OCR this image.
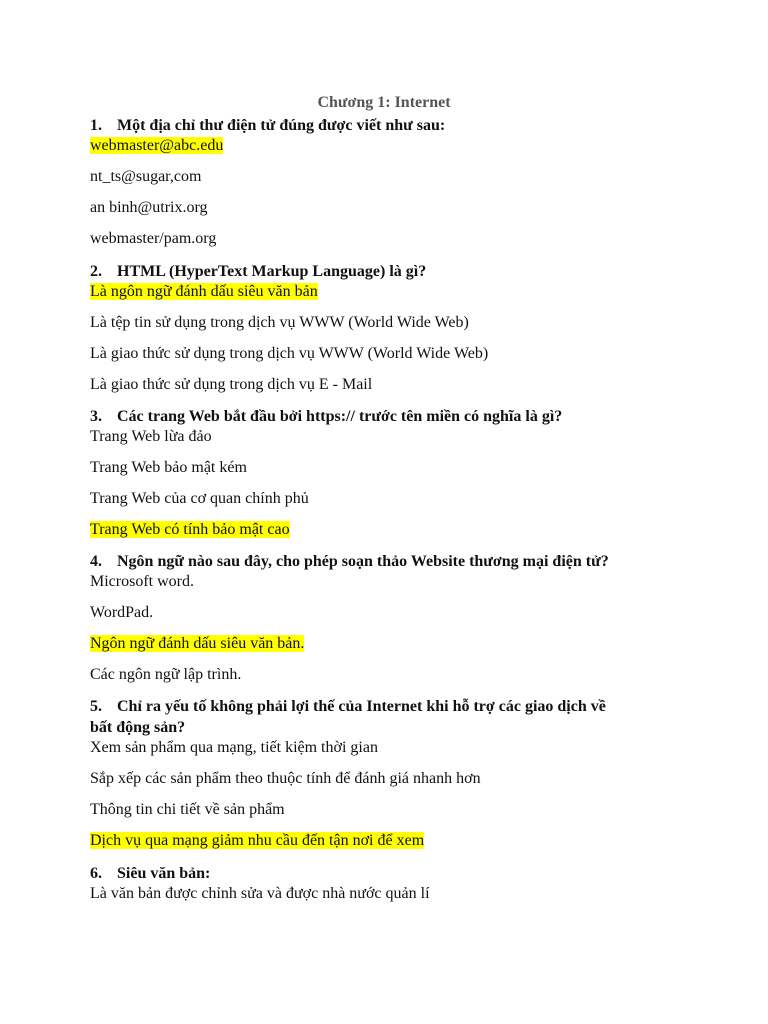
Chương 1: Internet
1. Một địa chỉ thư điện tử đúng được viết như sau:
webmaster@abc.edu
nt_ts@sugar,com
an binh@utrix.org
webmaster/pam.org
2. HTML (HyperText Markup Language) là gì?
Là ngôn ngữ đánh dấu siêu văn bản
Là tệp tin sử dụng trong dịch vụ WWW (World Wide Web)
Là giao thức sử dụng trong dịch vụ WWW (World Wide Web)
Là giao thức sử dụng trong dịch vụ E - Mail
3. Các trang Web bắt đầu bởi https:// trước tên miền có nghĩa là gì?
Trang Web lừa đảo
Trang Web bảo mật kém
Trang Web của cơ quan chính phủ
Trang Web có tính bảo mật cao
4. Ngôn ngữ nào sau đây, cho phép soạn thảo Website thương mại điện tử?
Microsoft word.
WordPad.
Ngôn ngữ đánh dấu siêu văn bản.
Các ngôn ngữ lập trình.
5. Chỉ ra yếu tố không phải lợi thế của Internet khi hỗ trợ các giao dịch về
bất động sản?
Xem sản phẩm qua mạng, tiết kiệm thời gian
Sắp xếp các sản phẩm theo thuộc tính để đánh giá nhanh hơn
Thông tin chi tiết về sản phẩm
Dịch vụ qua mạng giảm nhu cầu đến tận nơi để xem
6. Siêu văn bản:
Là văn bản được chỉnh sửa và được nhà nước quản lí
